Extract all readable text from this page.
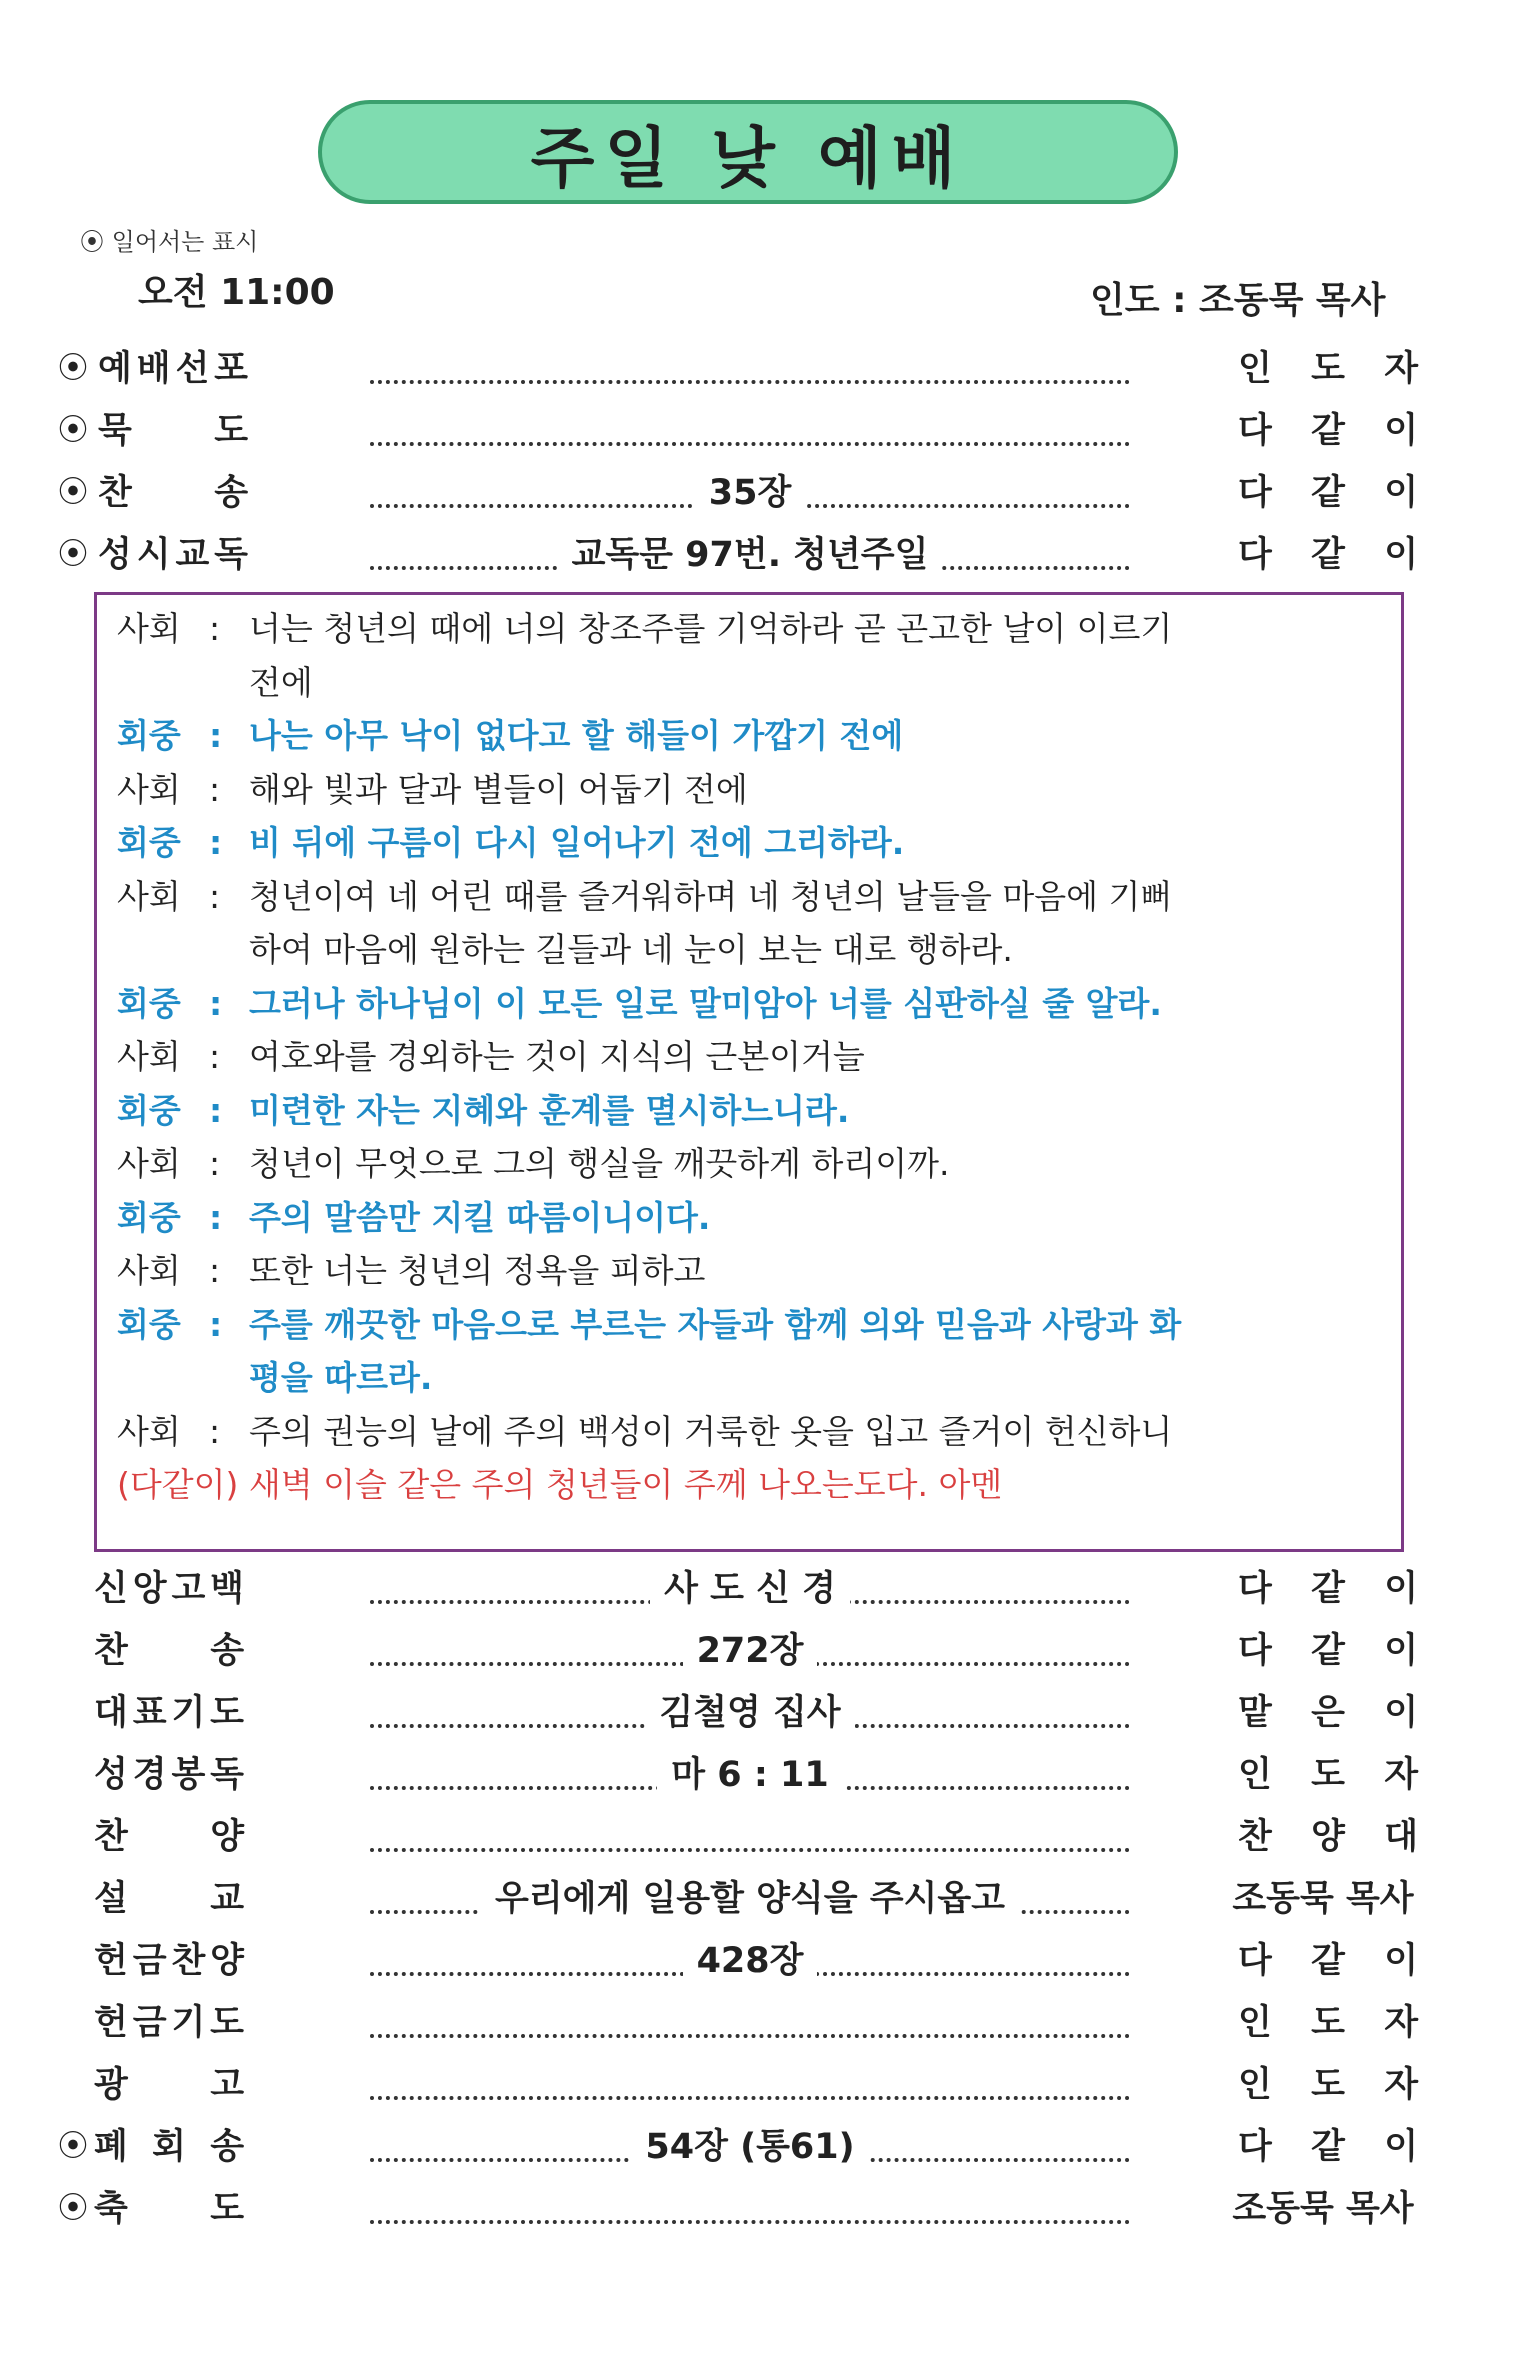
주일 낮 예배
⦿ 일어서는 표시
오전 11:00	인도 : 조동묵 목사
⦿ 예 배 선 포	인 도 자
⦿ 묵 도	다 같 이
⦿ 찬 송	35장	다 같 이
⦿ 성 시 교 독	교독문 97번. 청년주일	다 같 이
사회 : 너는 청년의 때에 너의 창조주를 기억하라 곧 곤고한 날이 이르기
전에
회중 : 나는 아무 낙이 없다고 할 해들이 가깝기 전에
사회 : 해와 빛과 달과 별들이 어둡기 전에
회중 : 비 뒤에 구름이 다시 일어나기 전에 그리하라.
사회 : 청년이여 네 어린 때를 즐거워하며 네 청년의 날들을 마음에 기뻐
하여 마음에 원하는 길들과 네 눈이 보는 대로 행하라.
회중 : 그러나 하나님이 이 모든 일로 말미암아 너를 심판하실 줄 알라.
사회 : 여호와를 경외하는 것이 지식의 근본이거늘
회중 : 미련한 자는 지혜와 훈계를 멸시하느니라.
사회 : 청년이 무엇으로 그의 행실을 깨끗하게 하리이까.
회중 : 주의 말씀만 지킬 따름이니이다.
사회 : 또한 너는 청년의 정욕을 피하고
회중 : 주를 깨끗한 마음으로 부르는 자들과 함께 의와 믿음과 사랑과 화
평을 따르라.
사회 : 주의 권능의 날에 주의 백성이 거룩한 옷을 입고 즐거이 헌신하니
(다같이) 새벽 이슬 같은 주의 청년들이 주께 나오는도다. 아멘
신 앙 고 백	사 도 신 경	다 같 이
찬 송	272장	다 같 이
대 표 기 도	김철영 집사	맡 은 이
성 경 봉 독	마 6 : 11	인 도 자
찬 양	찬 양 대
설 교	우리에게 일용할 양식을 주시옵고	조동묵 목사
헌 금 찬 양	428장	다 같 이
헌 금 기 도	인 도 자
광 고	인 도 자
⦿ 폐 회 송	54장 (통61)	다 같 이
⦿ 축 도	조동묵 목사
